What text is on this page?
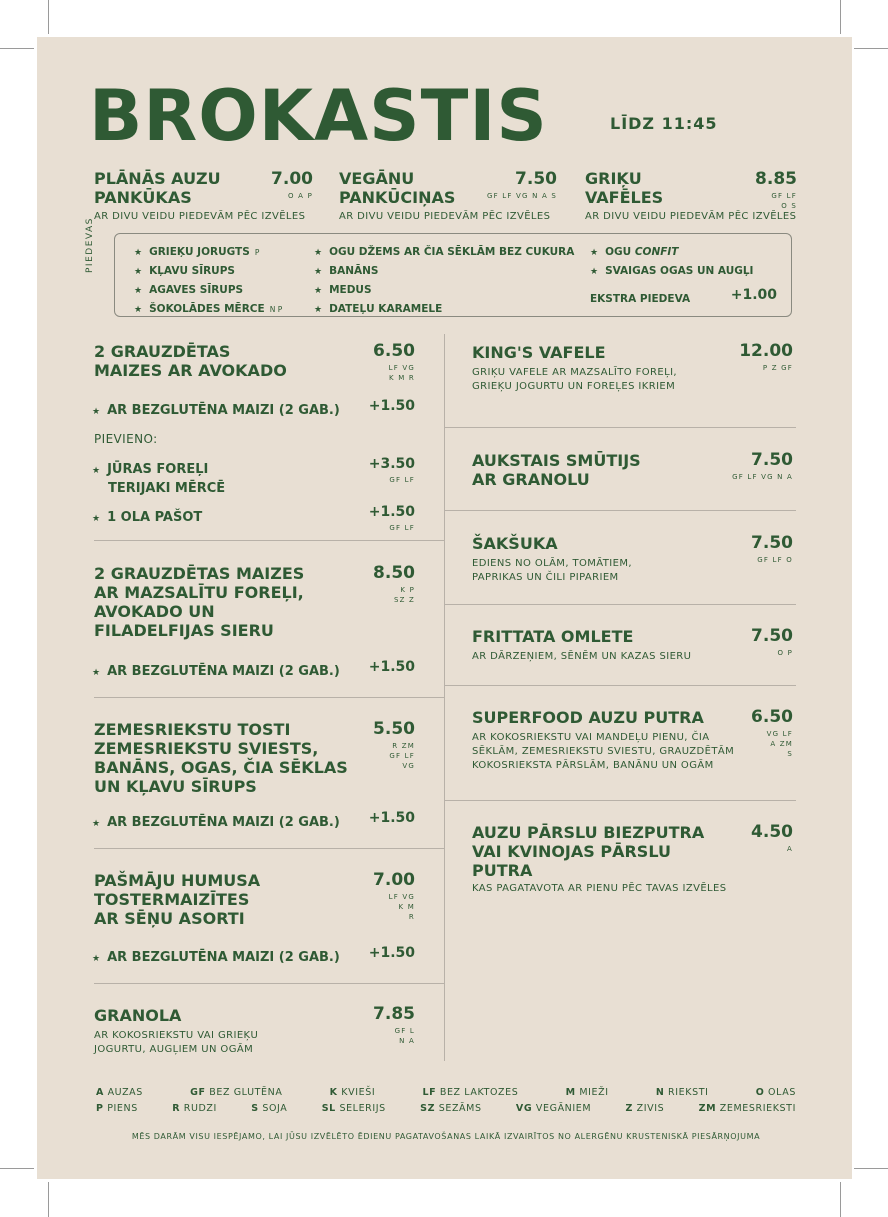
BROKASTIS	LĪDZ 11:45
PLĀNĀS AUZU
PANKŪKAS
AR DIVU VEIDU PIEDEVĀM PĒC IZVĒLES
7.00
O A P
VEGĀNU
PANKŪCIŅAS
AR DIVU VEIDU PIEDEVĀM PĒC IZVĒLES
7.50
GF LF VG N A S
GRIĶU
VAFĒLES
AR DIVU VEIDU PIEDEVĀM PĒC IZVĒLES
8.85
GF LF
O S
PIEDEVAS	★ GRIEĶU JORUGTS P
★ KĻAVU SĪRUPS
★ AGAVES SĪRUPS
★ ŠOKOLĀDES MĒRCE N P
★ OGU DŽEMS AR ČIA SĒKLĀM BEZ CUKURA
★ BANĀNS
★ MEDUS
★ DATEĻU KARAMELE
★ OGU CONFIT
★ SVAIGAS OGAS UN AUGĻI
EKSTRA PIEDEVA	+1.00
2 GRAUZDĒTAS
MAIZES AR AVOKADO
6.50
LF VG
K M R
★ AR BEZGLUTĒNA MAIZI (2 GAB.)	+1.50
PIEVIENO:
★ JŪRAS FOREĻI
TERIJAKI MĒRCĒ
+3.50
GF LF
★ 1 OLA PAŠOT	+1.50
GF LF
2 GRAUZDĒTAS MAIZES
AR MAZSALĪTU FOREĻI,
AVOKADO UN
FILADELFIJAS SIERU
8.50
K P
SZ Z
★ AR BEZGLUTĒNA MAIZI (2 GAB.)	+1.50
ZEMESRIEKSTU TOSTI
ZEMESRIEKSTU SVIESTS,
BANĀNS, OGAS, ČIA SĒKLAS
UN KĻAVU SĪRUPS
5.50
R ZM
GF LF
VG
★ AR BEZGLUTĒNA MAIZI (2 GAB.)	+1.50
PAŠMĀJU HUMUSA
TOSTERMAIZĪTES
AR SĒŅU ASORTI
7.00
LF VG
K M
R
★ AR BEZGLUTĒNA MAIZI (2 GAB.)	+1.50
GRANOLA
AR KOKOSRIEKSTU VAI GRIEĶU
JOGURTU, AUGĻIEM UN OGĀM
7.85
GF L
N A
KING'S VAFELE
GRIĶU VAFELE AR MAZSALĪTO FOREĻI,
GRIEĶU JOGURTU UN FOREĻES IKRIEM
12.00
P Z GF
AUKSTAIS SMŪTIJS
AR GRANOLU
7.50
GF LF VG N A
ŠAKŠUKA
EDIENS NO OLĀM, TOMĀTIEM,
PAPRIKAS UN ČILI PIPARIEM
7.50
GF LF O
FRITTATA OMLETE
AR DĀRZEŅIEM, SĒNĒM UN KAZAS SIERU
7.50
O P
SUPERFOOD AUZU PUTRA
AR KOKOSRIEKSTU VAI MANDEĻU PIENU, ČIA
SĒKLĀM, ZEMESRIEKSTU SVIESTU, GRAUZDĒTĀM
KOKOSRIEKSTA PĀRSLĀM, BANĀNU UN OGĀM
6.50
VG LF
A ZM
S
AUZU PĀRSLU BIEZPUTRA
VAI KVINOJAS PĀRSLU
PUTRA
KAS PAGATAVOTA AR PIENU PĒC TAVAS IZVĒLES
4.50
A
A AUZAS	GF BEZ GLUTĒNA	K KVIEŠI	LF BEZ LAKTOZES	M MIEŽI	N RIEKSTI	O OLAS
P PIENS	R RUDZI	S SOJA	SL SELERIJS	SZ SEZĀMS	VG VEGĀNIEM	Z ZIVIS	ZM ZEMESRIEKSTI
MĒS DARĀM VISU IESPĒJAMO, LAI JŪSU IZVĒLĒTO ĒDIENU PAGATAVOŠANAS LAIKĀ IZVAIRĪTOS NO ALERGĒNU KRUSTENISKĀ PIESĀRŅOJUMA
